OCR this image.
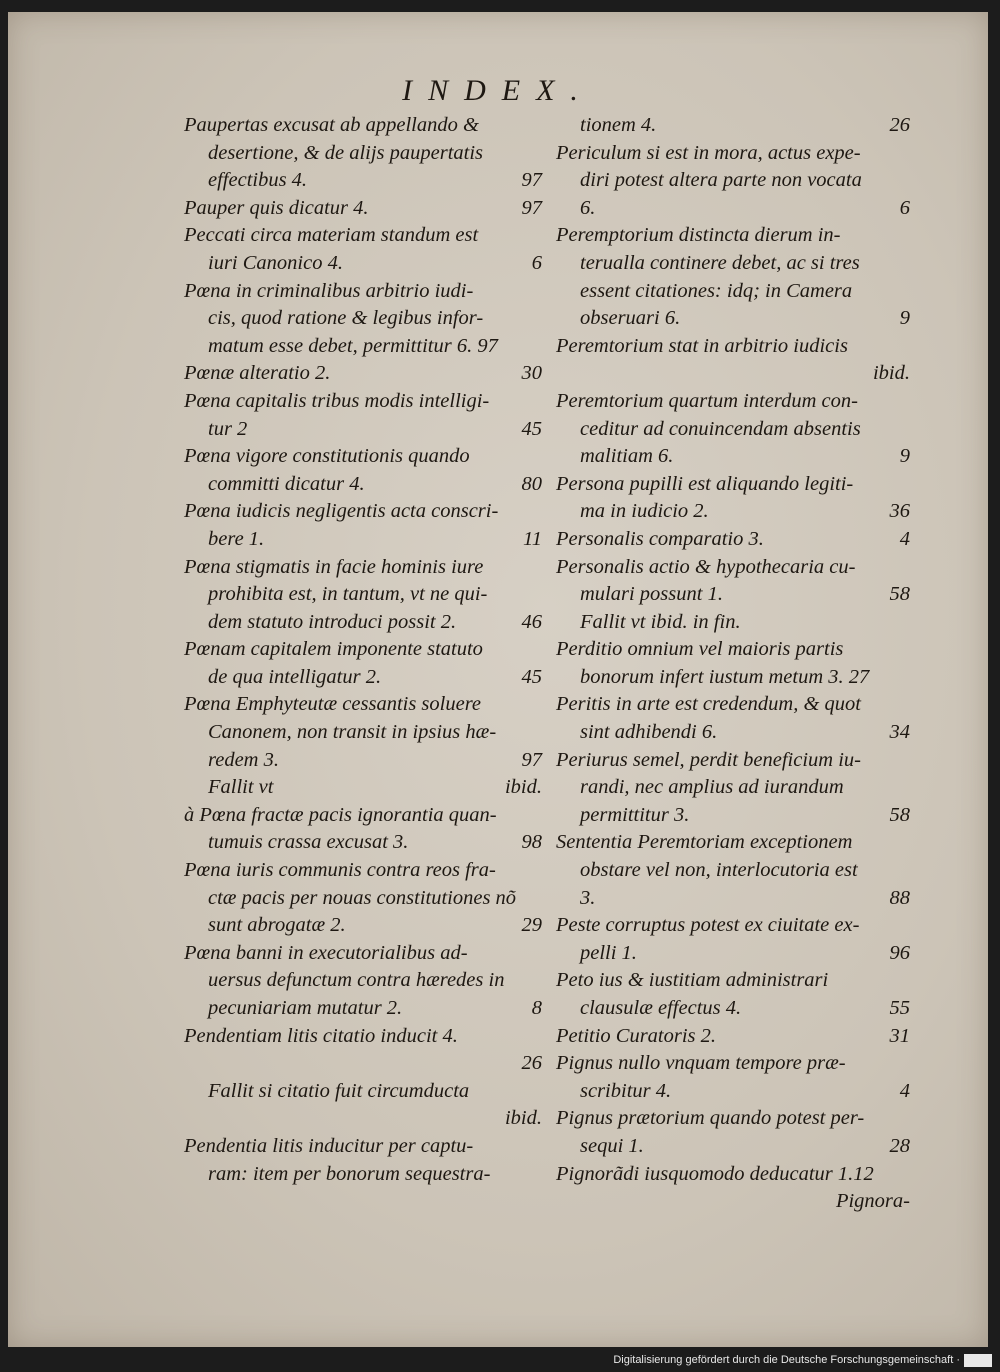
INDEX.
Paupertas excusat ab appellando &
desertione, & de alijs paupertatis
effectibus 4.	97
Pauper quis dicatur 4.	97
Peccati circa materiam standum est
iuri Canonico 4.	6
Pœna in criminalibus arbitrio iudi-
cis, quod ratione & legibus infor-
matum esse debet, permittitur 6. 97
Pœnæ alteratio 2.	30
Pœna capitalis tribus modis intelligi-
tur 2	45
Pœna vigore constitutionis quando
committi dicatur 4.	80
Pœna iudicis negligentis acta conscri-
bere 1.	11
Pœna stigmatis in facie hominis iure
prohibita est, in tantum, vt ne qui-
dem statuto introduci possit 2.	46
Pœnam capitalem imponente statuto
de qua intelligatur 2.	45
Pœna Emphyteutæ cessantis soluere
Canonem, non transit in ipsius hæ-
redem 3.	97
Fallit vt	ibid.
à Pœna fractæ pacis ignorantia quan-
tumuis crassa excusat 3.	98
Pœna iuris communis contra reos fra-
ctæ pacis per nouas constitutiones nõ
sunt abrogatæ 2.	29
Pœna banni in executorialibus ad-
uersus defunctum contra hæredes in
pecuniariam mutatur 2.	8
Pendentiam litis citatio inducit 4.
26
Fallit si citatio fuit circumducta
ibid.
Pendentia litis inducitur per captu-
ram: item per bonorum sequestra-
tionem 4.	26
Periculum si est in mora, actus expe-
diri potest altera parte non vocata
6.	6
Peremptorium distincta dierum in-
terualla continere debet, ac si tres
essent citationes: idq; in Camera
obseruari 6.	9
Peremtorium stat in arbitrio iudicis
ibid.
Peremtorium quartum interdum con-
ceditur ad conuincendam absentis
malitiam 6.	9
Persona pupilli est aliquando legiti-
ma in iudicio 2.	36
Personalis comparatio 3.	4
Personalis actio & hypothecaria cu-
mulari possunt 1.	58
Fallit vt ibid. in fin.
Perditio omnium vel maioris partis
bonorum infert iustum metum 3. 27
Peritis in arte est credendum, & quot
sint adhibendi 6.	34
Periurus semel, perdit beneficium iu-
randi, nec amplius ad iurandum
permittitur 3.	58
Sententia Peremtoriam exceptionem
obstare vel non, interlocutoria est
3.	88
Peste corruptus potest ex ciuitate ex-
pelli 1.	96
Peto ius & iustitiam administrari
clausulæ effectus 4.	55
Petitio Curatoris 2.	31
Pignus nullo vnquam tempore præ-
scribitur 4.	4
Pignus prætorium quando potest per-
sequi 1.	28
Pignorãdi iusquomodo deducatur 1.12
Pignora-
Digitalisierung gefördert durch die Deutsche Forschungsgemeinschaft ·
